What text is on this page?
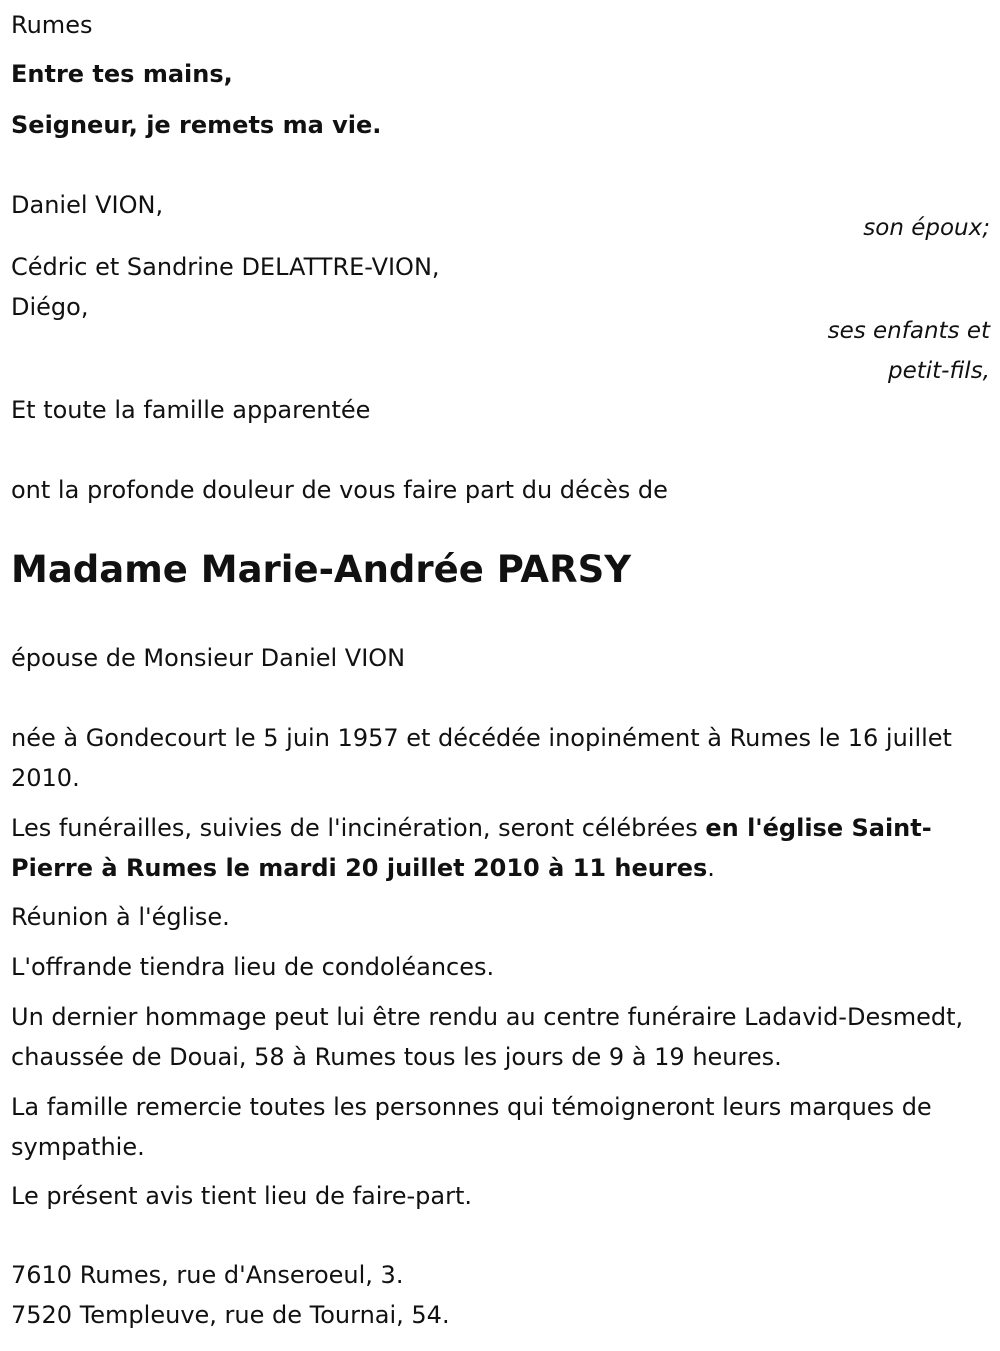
Rumes

Entre tes mains,

Seigneur, je remets ma vie.

Daniel VION,

son époux;

Cédric et Sandrine DELATTRE-VION,

Diégo,

ses enfants et

petit-fils,

Et toute la famille apparentée

ont la profonde douleur de vous faire part du décès de

Madame Marie-Andrée PARSY

épouse de Monsieur Daniel VION

née à Gondecourt le 5 juin 1957 et décédée inopinément à Rumes le 16 juillet 2010.

Les funérailles, suivies de l'incinération, seront célébrées en l'église Saint-Pierre à Rumes le mardi 20 juillet 2010 à 11 heures.

Réunion à l'église.

L'offrande tiendra lieu de condoléances.

Un dernier hommage peut lui être rendu au centre funéraire Ladavid-Desmedt, chaussée de Douai, 58 à Rumes tous les jours de 9 à 19 heures.

La famille remercie toutes les personnes qui témoigneront leurs marques de sympathie.

Le présent avis tient lieu de faire-part.

7610 Rumes, rue d'Anseroeul, 3.

7520 Templeuve, rue de Tournai, 54.
